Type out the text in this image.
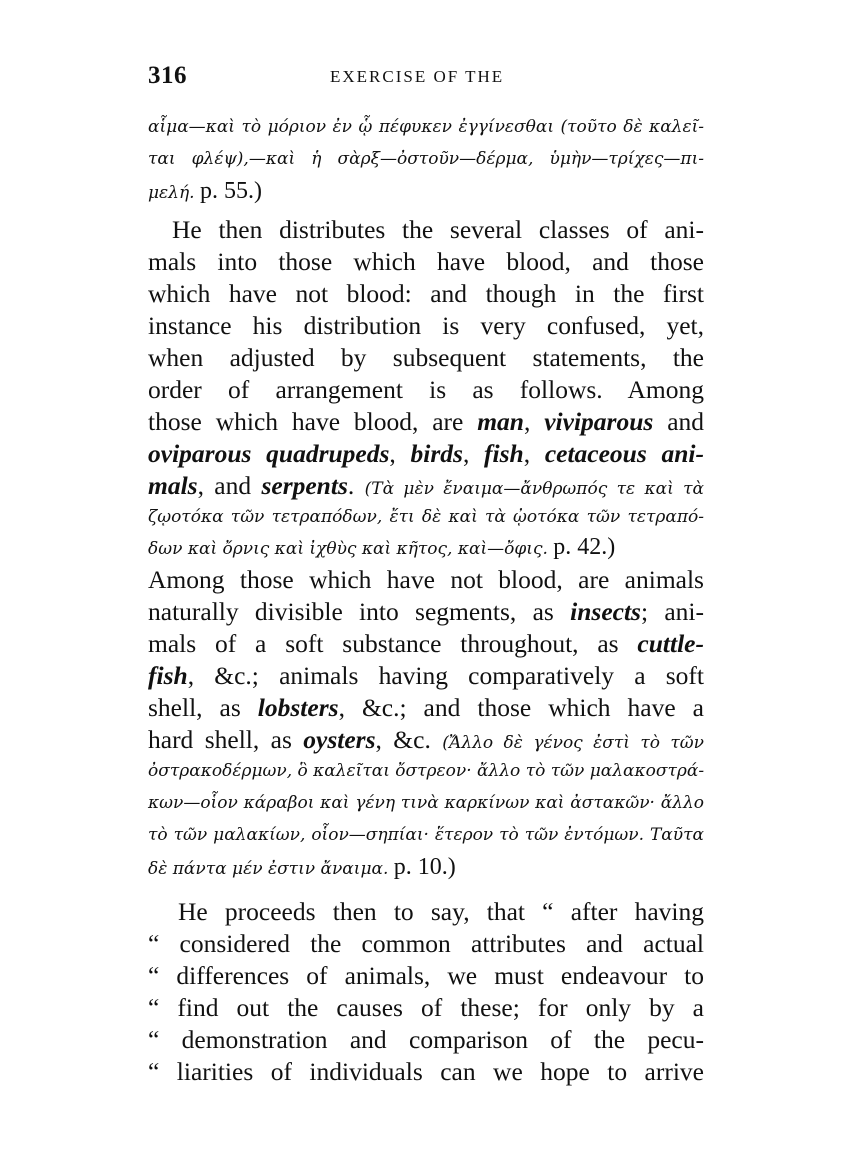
316	EXERCISE OF THE
αἷμα—καὶ τὸ μόριον ἐν ᾧ πέφυκεν ἐγγίνεσθαι (τοῦτο δὲ καλεῖ-
ται φλέψ),—καὶ ἡ σὰρξ—ὀστοῦν—δέρμα, ὑμὴν—τρίχες—πι-
μελή. p. 55.)
He then distributes the several classes of ani-
mals into those which have blood, and those
which have not blood: and though in the first
instance his distribution is very confused, yet,
when adjusted by subsequent statements, the
order of arrangement is as follows. Among
those which have blood, are man, viviparous and
oviparous quadrupeds, birds, fish, cetaceous ani-
mals, and serpents. (Τὰ μὲν ἔναιμα—ἄνθρωπός τε καὶ τὰ
ζῳοτόκα τῶν τετραπόδων, ἔτι δὲ καὶ τὰ ᾠοτόκα τῶν τετραπό-
δων καὶ ὄρνις καὶ ἰχθὺς καὶ κῆτος, καὶ—ὄφις. p. 42.)
Among those which have not blood, are animals
naturally divisible into segments, as insects; ani-
mals of a soft substance throughout, as cuttle-
fish, &c.; animals having comparatively a soft
shell, as lobsters, &c.; and those which have a
hard shell, as oysters, &c. (Ἄλλο δὲ γένος ἐστὶ τὸ τῶν
ὀστρακοδέρμων, ὃ καλεῖται ὄστρεον· ἄλλο τὸ τῶν μαλακοστρά-
κων—οἷον κάραβοι καὶ γένη τινὰ καρκίνων καὶ ἀστακῶν· ἄλλο
τὸ τῶν μαλακίων, οἷον—σηπίαι· ἕτερον τὸ τῶν ἐντόμων. Ταῦτα
δὲ πάντα μέν ἐστιν ἄναιμα. p. 10.)
He proceeds then to say, that “ after having
“ considered the common attributes and actual
“ differences of animals, we must endeavour to
“ find out the causes of these; for only by a
“ demonstration and comparison of the pecu-
“ liarities of individuals can we hope to arrive
